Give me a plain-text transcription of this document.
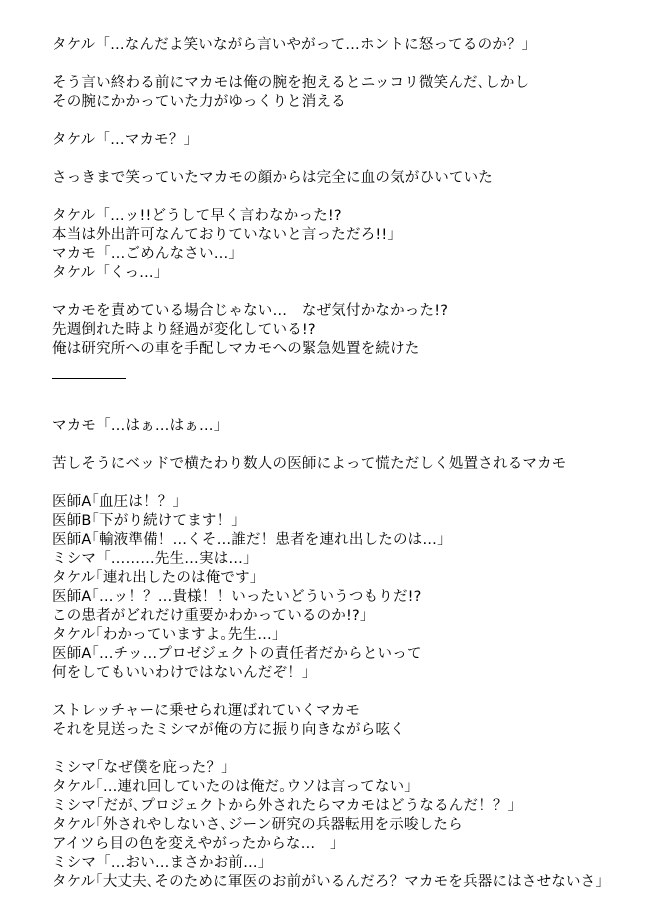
タケル「…なんだよ笑いながら言いやがって…ホントに怒ってるのか？」
そう言い終わる前にマカモは俺の腕を抱えるとニッコリ微笑んだ､しかし
その腕にかかっていた力がゆっくりと消える
タケル「…マカモ？」
さっきまで笑っていたマカモの顔からは完全に血の気がひいていた
タケル「…ッ!!どうして早く言わなかった!?
本当は外出許可なんておりていないと言っただろ!!」
マカモ「…ごめんなさい…」
タケル「くっ…」
マカモを責めている場合じゃない…　なぜ気付かなかった!?
先週倒れた時より経過が変化している!?
俺は研究所への車を手配しマカモへの緊急処置を続けた
マカモ「…はぁ…はぁ…」
苦しそうにベッドで横たわり数人の医師によって慌ただしく処置されるマカモ
医師A｢血圧は！？」
医師B｢下がり続けてます！」
医師A｢輸液準備！…くそ…誰だ！患者を連れ出したのは…」
ミシマ「………先生…実は…」
タケル｢連れ出したのは俺です」
医師A｢…ッ！？…貴様！！いったいどういうつもりだ!?
この患者がどれだけ重要かわかっているのか!?」
タケル｢わかっていますよ｡先生…」
医師A｢…チッ…プロゼジェクトの責任者だからといって
何をしてもいいわけではないんだぞ！」
ストレッチャーに乗せられ運ばれていくマカモ
それを見送ったミシマが俺の方に振り向きながら呟く
ミシマ｢なぜ僕を庇った？」
タケル｢…連れ回していたのは俺だ｡ウソは言ってない」
ミシマ｢だが､プロジェクトから外されたらマカモはどうなるんだ！？」
タケル｢外されやしないさ､ジーン研究の兵器転用を示唆したら
アイツら目の色を変えやがったからな…　」
ミシマ「…おい…まさかお前…」
タケル｢大丈夫､そのために軍医のお前がいるんだろ？マカモを兵器にはさせないさ」
